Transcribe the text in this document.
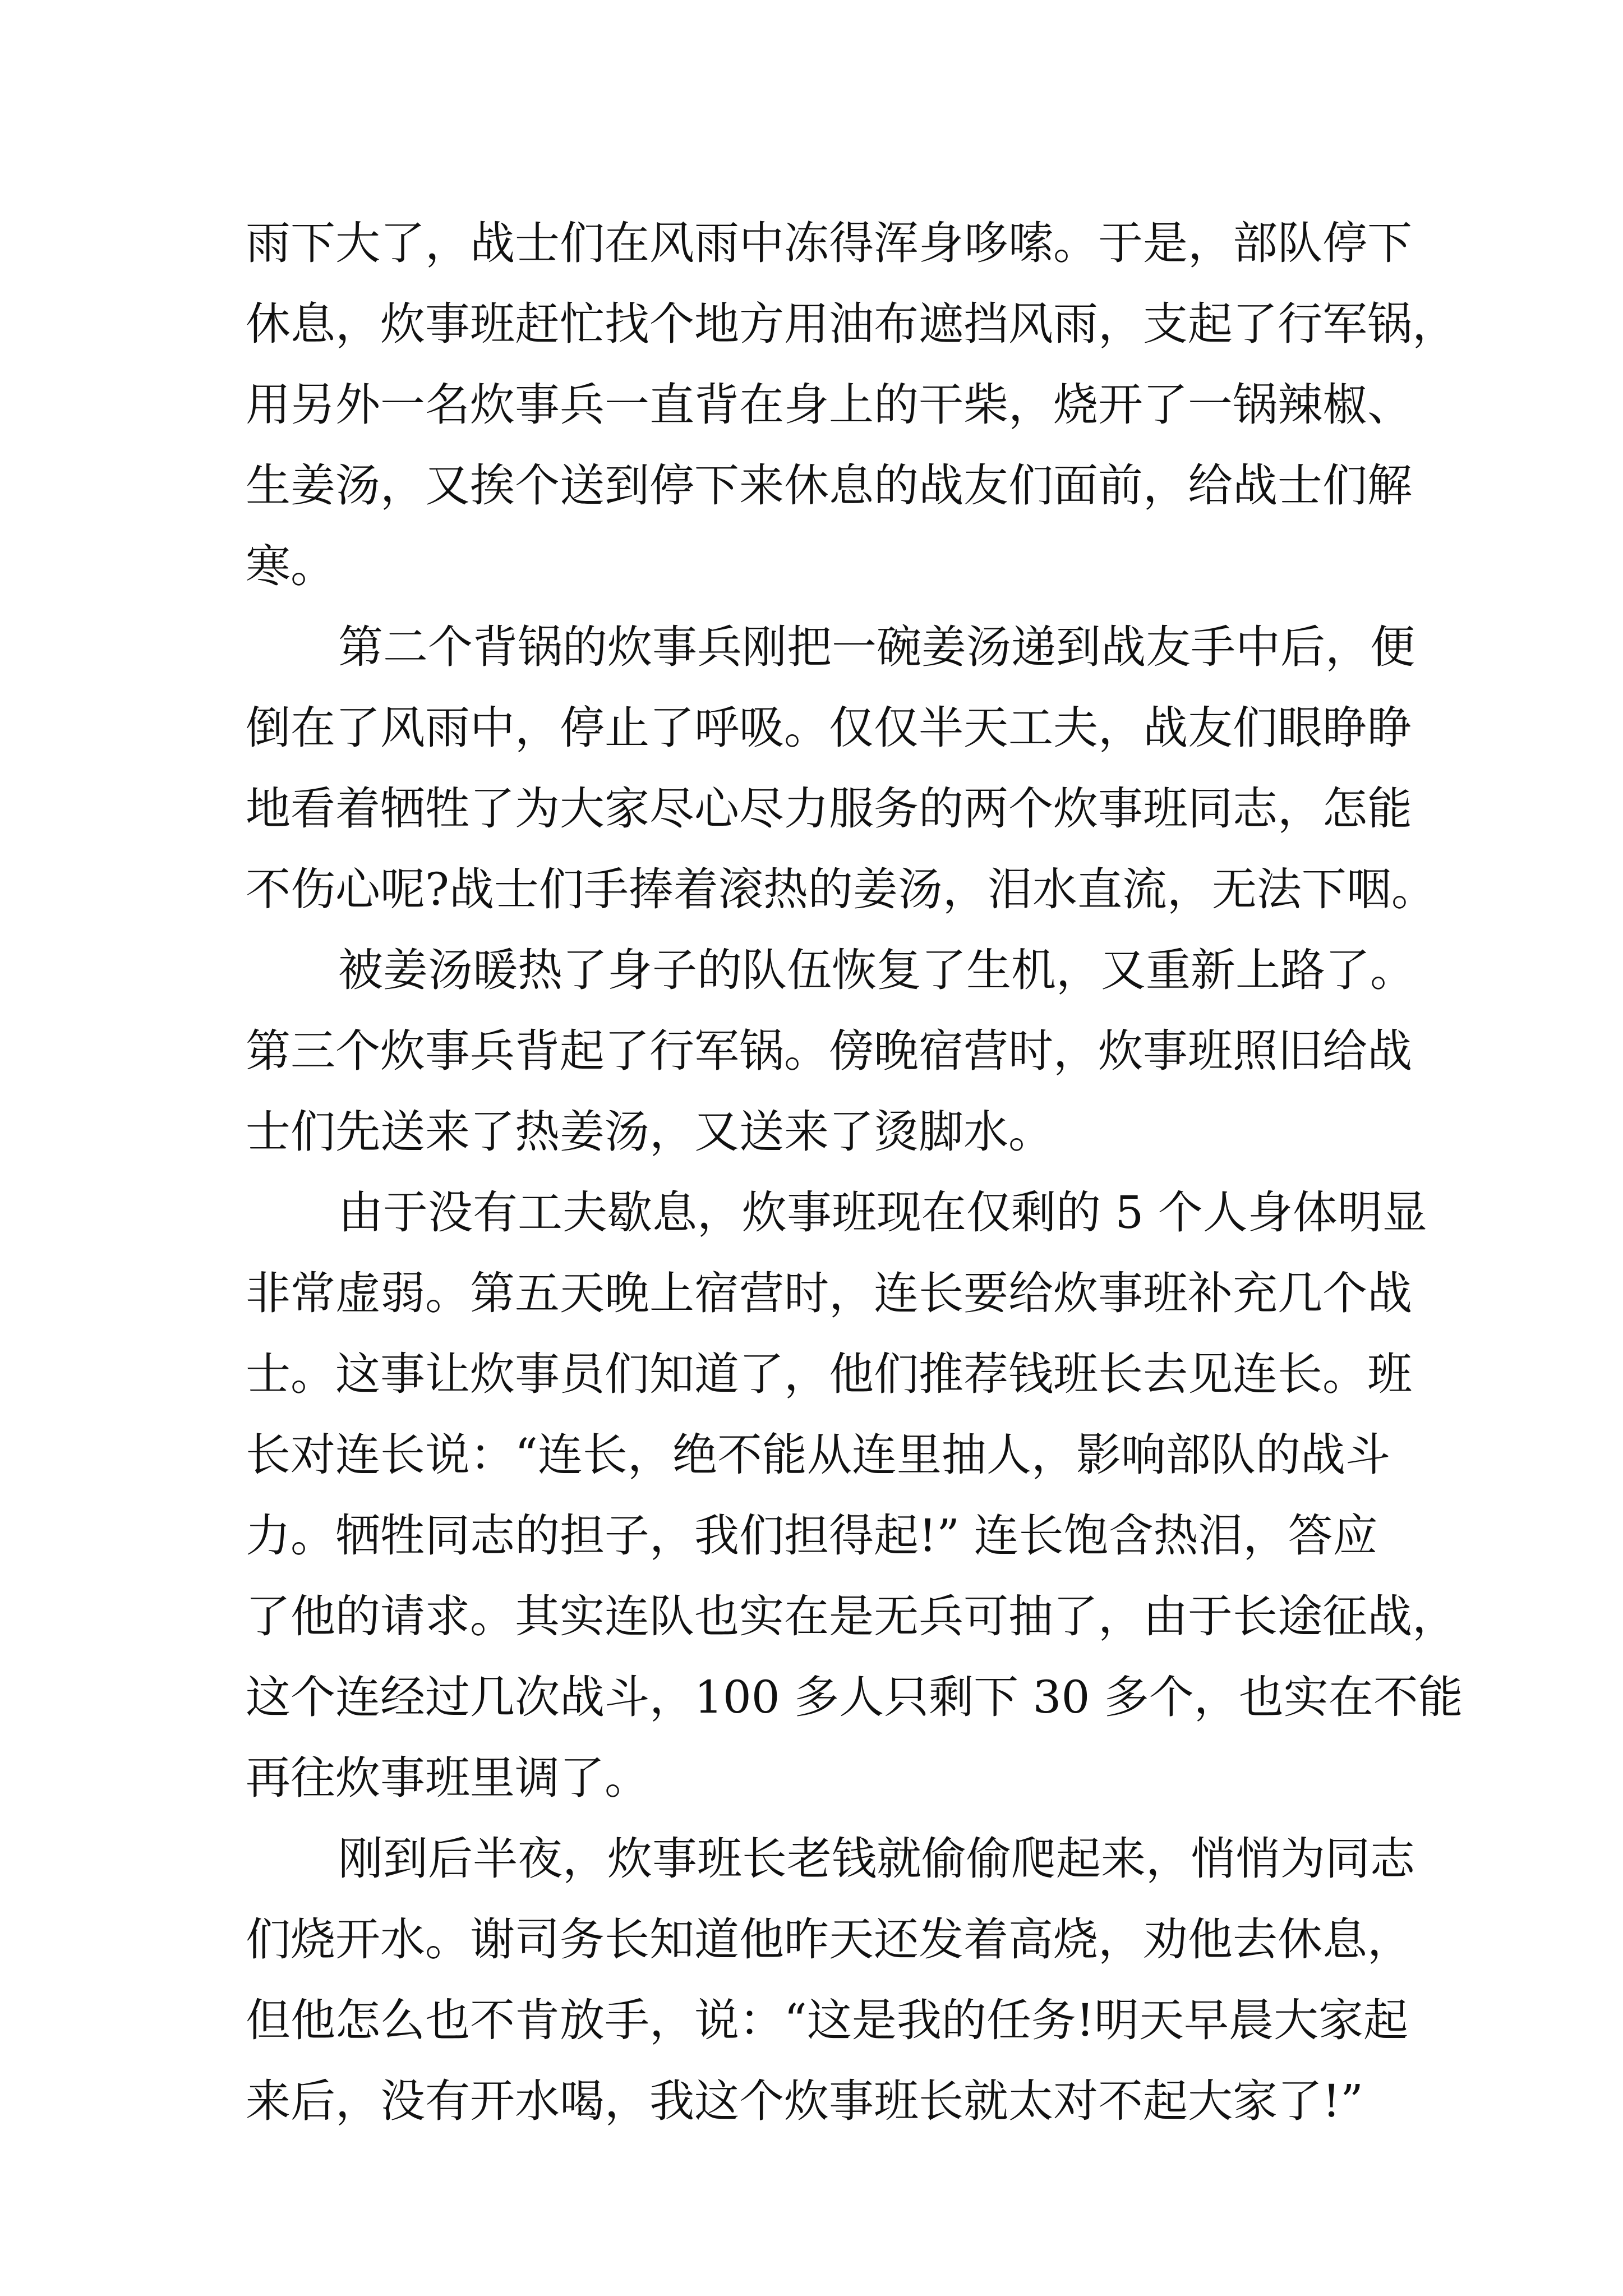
雨下大了，战士们在风雨中冻得浑身哆嗦。于是，部队停下
休息，炊事班赶忙找个地方用油布遮挡风雨，支起了行军锅，
用另外一名炊事兵一直背在身上的干柴，烧开了一锅辣椒、
生姜汤，又挨个送到停下来休息的战友们面前，给战士们解
寒。
第二个背锅的炊事兵刚把一碗姜汤递到战友手中后，便
倒在了风雨中，停止了呼吸。仅仅半天工夫，战友们眼睁睁
地看着牺牲了为大家尽心尽力服务的两个炊事班同志，怎能
不伤心呢?战士们手捧着滚热的姜汤，泪水直流，无法下咽。
被姜汤暖热了身子的队伍恢复了生机，又重新上路了。
第三个炊事兵背起了行军锅。傍晚宿营时，炊事班照旧给战
士们先送来了热姜汤，又送来了烫脚水。
由于没有工夫歇息，炊事班现在仅剩的 5 个人身体明显
非常虚弱。第五天晚上宿营时，连长要给炊事班补充几个战
士。这事让炊事员们知道了，他们推荐钱班长去见连长。班
长对连长说：“连长，绝不能从连里抽人，影响部队的战斗
力。牺牲同志的担子，我们担得起!” 连长饱含热泪，答应
了他的请求。其实连队也实在是无兵可抽了，由于长途征战，
这个连经过几次战斗，100 多人只剩下 30 多个，也实在不能
再往炊事班里调了。
刚到后半夜，炊事班长老钱就偷偷爬起来，悄悄为同志
们烧开水。谢司务长知道他昨天还发着高烧，劝他去休息，
但他怎么也不肯放手，说：“这是我的任务!明天早晨大家起
来后，没有开水喝，我这个炊事班长就太对不起大家了!”
